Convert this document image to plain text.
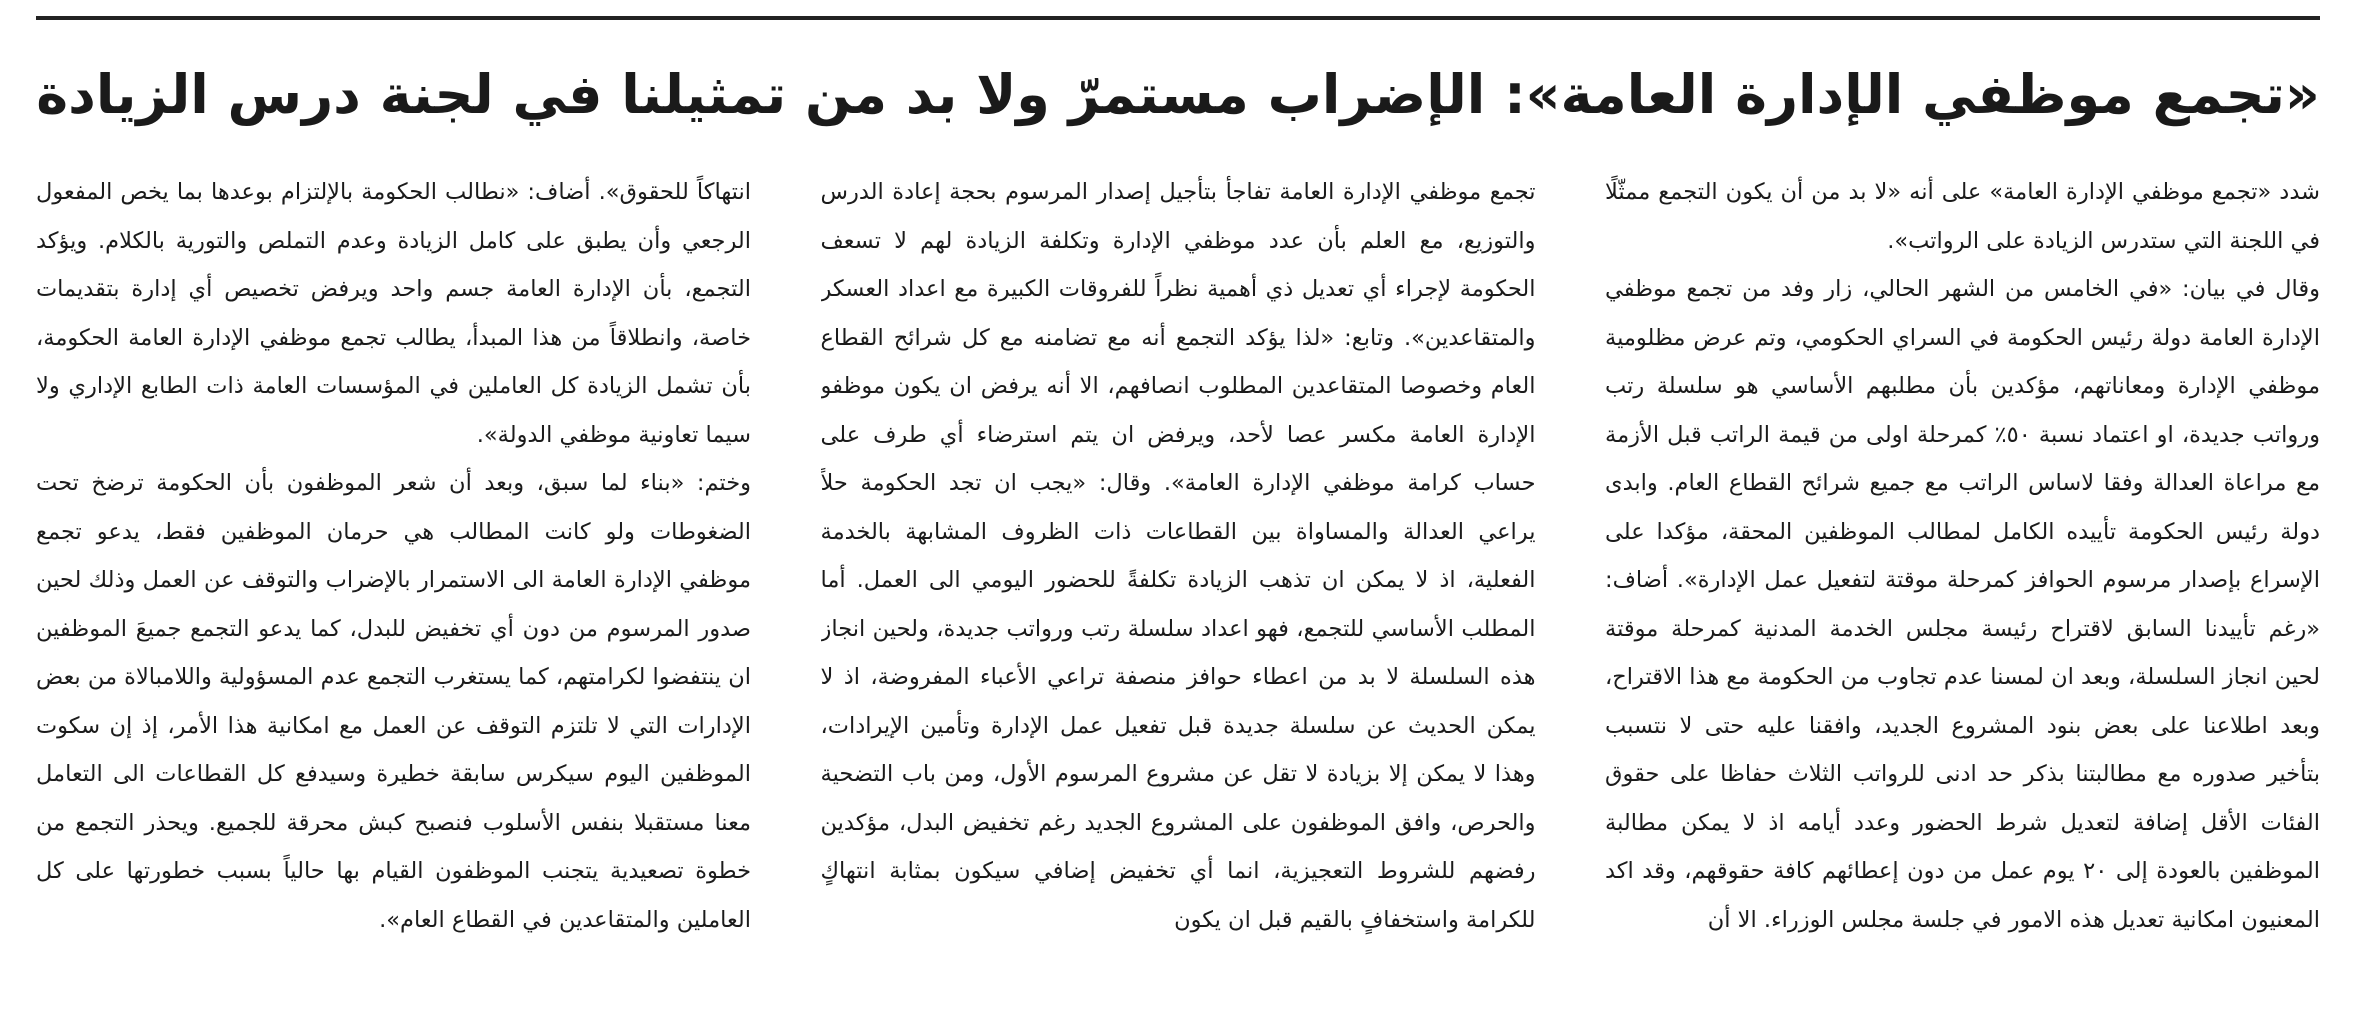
«تجمع موظفي الإدارة العامة»: الإضراب مستمرّ ولا بد من تمثيلنا في لجنة درس الزيادة

شدد «تجمع موظفي الإدارة العامة» على أنه «لا بد من أن يكون التجمع ممثّلًا في اللجنة التي ستدرس الزيادة على الرواتب».

وقال في بيان: «في الخامس من الشهر الحالي، زار وفد من تجمع موظفي الإدارة العامة دولة رئيس الحكومة في السراي الحكومي، وتم عرض مظلومية موظفي الإدارة ومعاناتهم، مؤكدين بأن مطلبهم الأساسي هو سلسلة رتب ورواتب جديدة، او اعتماد نسبة ٥٠٪ كمرحلة اولى من قيمة الراتب قبل الأزمة مع مراعاة العدالة وفقا لاساس الراتب مع جميع شرائح القطاع العام. وابدى دولة رئيس الحكومة تأييده الكامل لمطالب الموظفين المحقة، مؤكدا على الإسراع بإصدار مرسوم الحوافز كمرحلة موقتة لتفعيل عمل الإدارة». أضاف: «رغم تأييدنا السابق لاقتراح رئيسة مجلس الخدمة المدنية كمرحلة موقتة لحين انجاز السلسلة، وبعد ان لمسنا عدم تجاوب من الحكومة مع هذا الاقتراح، وبعد اطلاعنا على بعض بنود المشروع الجديد، وافقنا عليه حتى لا نتسبب بتأخير صدوره مع مطالبتنا بذكر حد ادنى للرواتب الثلاث حفاظا على حقوق الفئات الأقل إضافة لتعديل شرط الحضور وعدد أيامه اذ لا يمكن مطالبة الموظفين بالعودة إلى ٢٠ يوم عمل من دون إعطائهم كافة حقوقهم، وقد اكد المعنيون امكانية تعديل هذه الامور في جلسة مجلس الوزراء. الا أن

تجمع موظفي الإدارة العامة تفاجأ بتأجيل إصدار المرسوم بحجة إعادة الدرس والتوزيع، مع العلم بأن عدد موظفي الإدارة وتكلفة الزيادة لهم لا تسعف الحكومة لإجراء أي تعديل ذي أهمية نظراً للفروقات الكبيرة مع اعداد العسكر والمتقاعدين». وتابع: «لذا يؤكد التجمع أنه مع تضامنه مع كل شرائح القطاع العام وخصوصا المتقاعدين المطلوب انصافهم، الا أنه يرفض ان يكون موظفو الإدارة العامة مكسر عصا لأحد، ويرفض ان يتم استرضاء أي طرف على حساب كرامة موظفي الإدارة العامة». وقال: «يجب ان تجد الحكومة حلاً يراعي العدالة والمساواة بين القطاعات ذات الظروف المشابهة بالخدمة الفعلية، اذ لا يمكن ان تذهب الزيادة تكلفةً للحضور اليومي الى العمل. أما المطلب الأساسي للتجمع، فهو اعداد سلسلة رتب ورواتب جديدة، ولحين انجاز هذه السلسلة لا بد من اعطاء حوافز منصفة تراعي الأعباء المفروضة، اذ لا يمكن الحديث عن سلسلة جديدة قبل تفعيل عمل الإدارة وتأمين الإيرادات، وهذا لا يمكن إلا بزيادة لا تقل عن مشروع المرسوم الأول، ومن باب التضحية والحرص، وافق الموظفون على المشروع الجديد رغم تخفيض البدل، مؤكدين رفضهم للشروط التعجيزية، انما أي تخفيض إضافي سيكون بمثابة انتهاكٍ للكرامة واستخفافٍ بالقيم قبل ان يكون

انتهاكاً للحقوق». أضاف: «نطالب الحكومة بالإلتزام بوعدها بما يخص المفعول الرجعي وأن يطبق على كامل الزيادة وعدم التملص والتورية بالكلام. ويؤكد التجمع، بأن الإدارة العامة جسم واحد ويرفض تخصيص أي إدارة بتقديمات خاصة، وانطلاقاً من هذا المبدأ، يطالب تجمع موظفي الإدارة العامة الحكومة، بأن تشمل الزيادة كل العاملين في المؤسسات العامة ذات الطابع الإداري ولا سيما تعاونية موظفي الدولة».

وختم: «بناء لما سبق، وبعد أن شعر الموظفون بأن الحكومة ترضخ تحت الضغوطات ولو كانت المطالب هي حرمان الموظفين فقط، يدعو تجمع موظفي الإدارة العامة الى الاستمرار بالإضراب والتوقف عن العمل وذلك لحين صدور المرسوم من دون أي تخفيض للبدل، كما يدعو التجمع جميعَ الموظفين ان ينتفضوا لكرامتهم، كما يستغرب التجمع عدم المسؤولية واللامبالاة من بعض الإدارات التي لا تلتزم التوقف عن العمل مع امكانية هذا الأمر، إذ إن سكوت الموظفين اليوم سيكرس سابقة خطيرة وسيدفع كل القطاعات الى التعامل معنا مستقبلا بنفس الأسلوب فنصبح كبش محرقة للجميع. ويحذر التجمع من خطوة تصعيدية يتجنب الموظفون القيام بها حالياً بسبب خطورتها على كل العاملين والمتقاعدين في القطاع العام».
